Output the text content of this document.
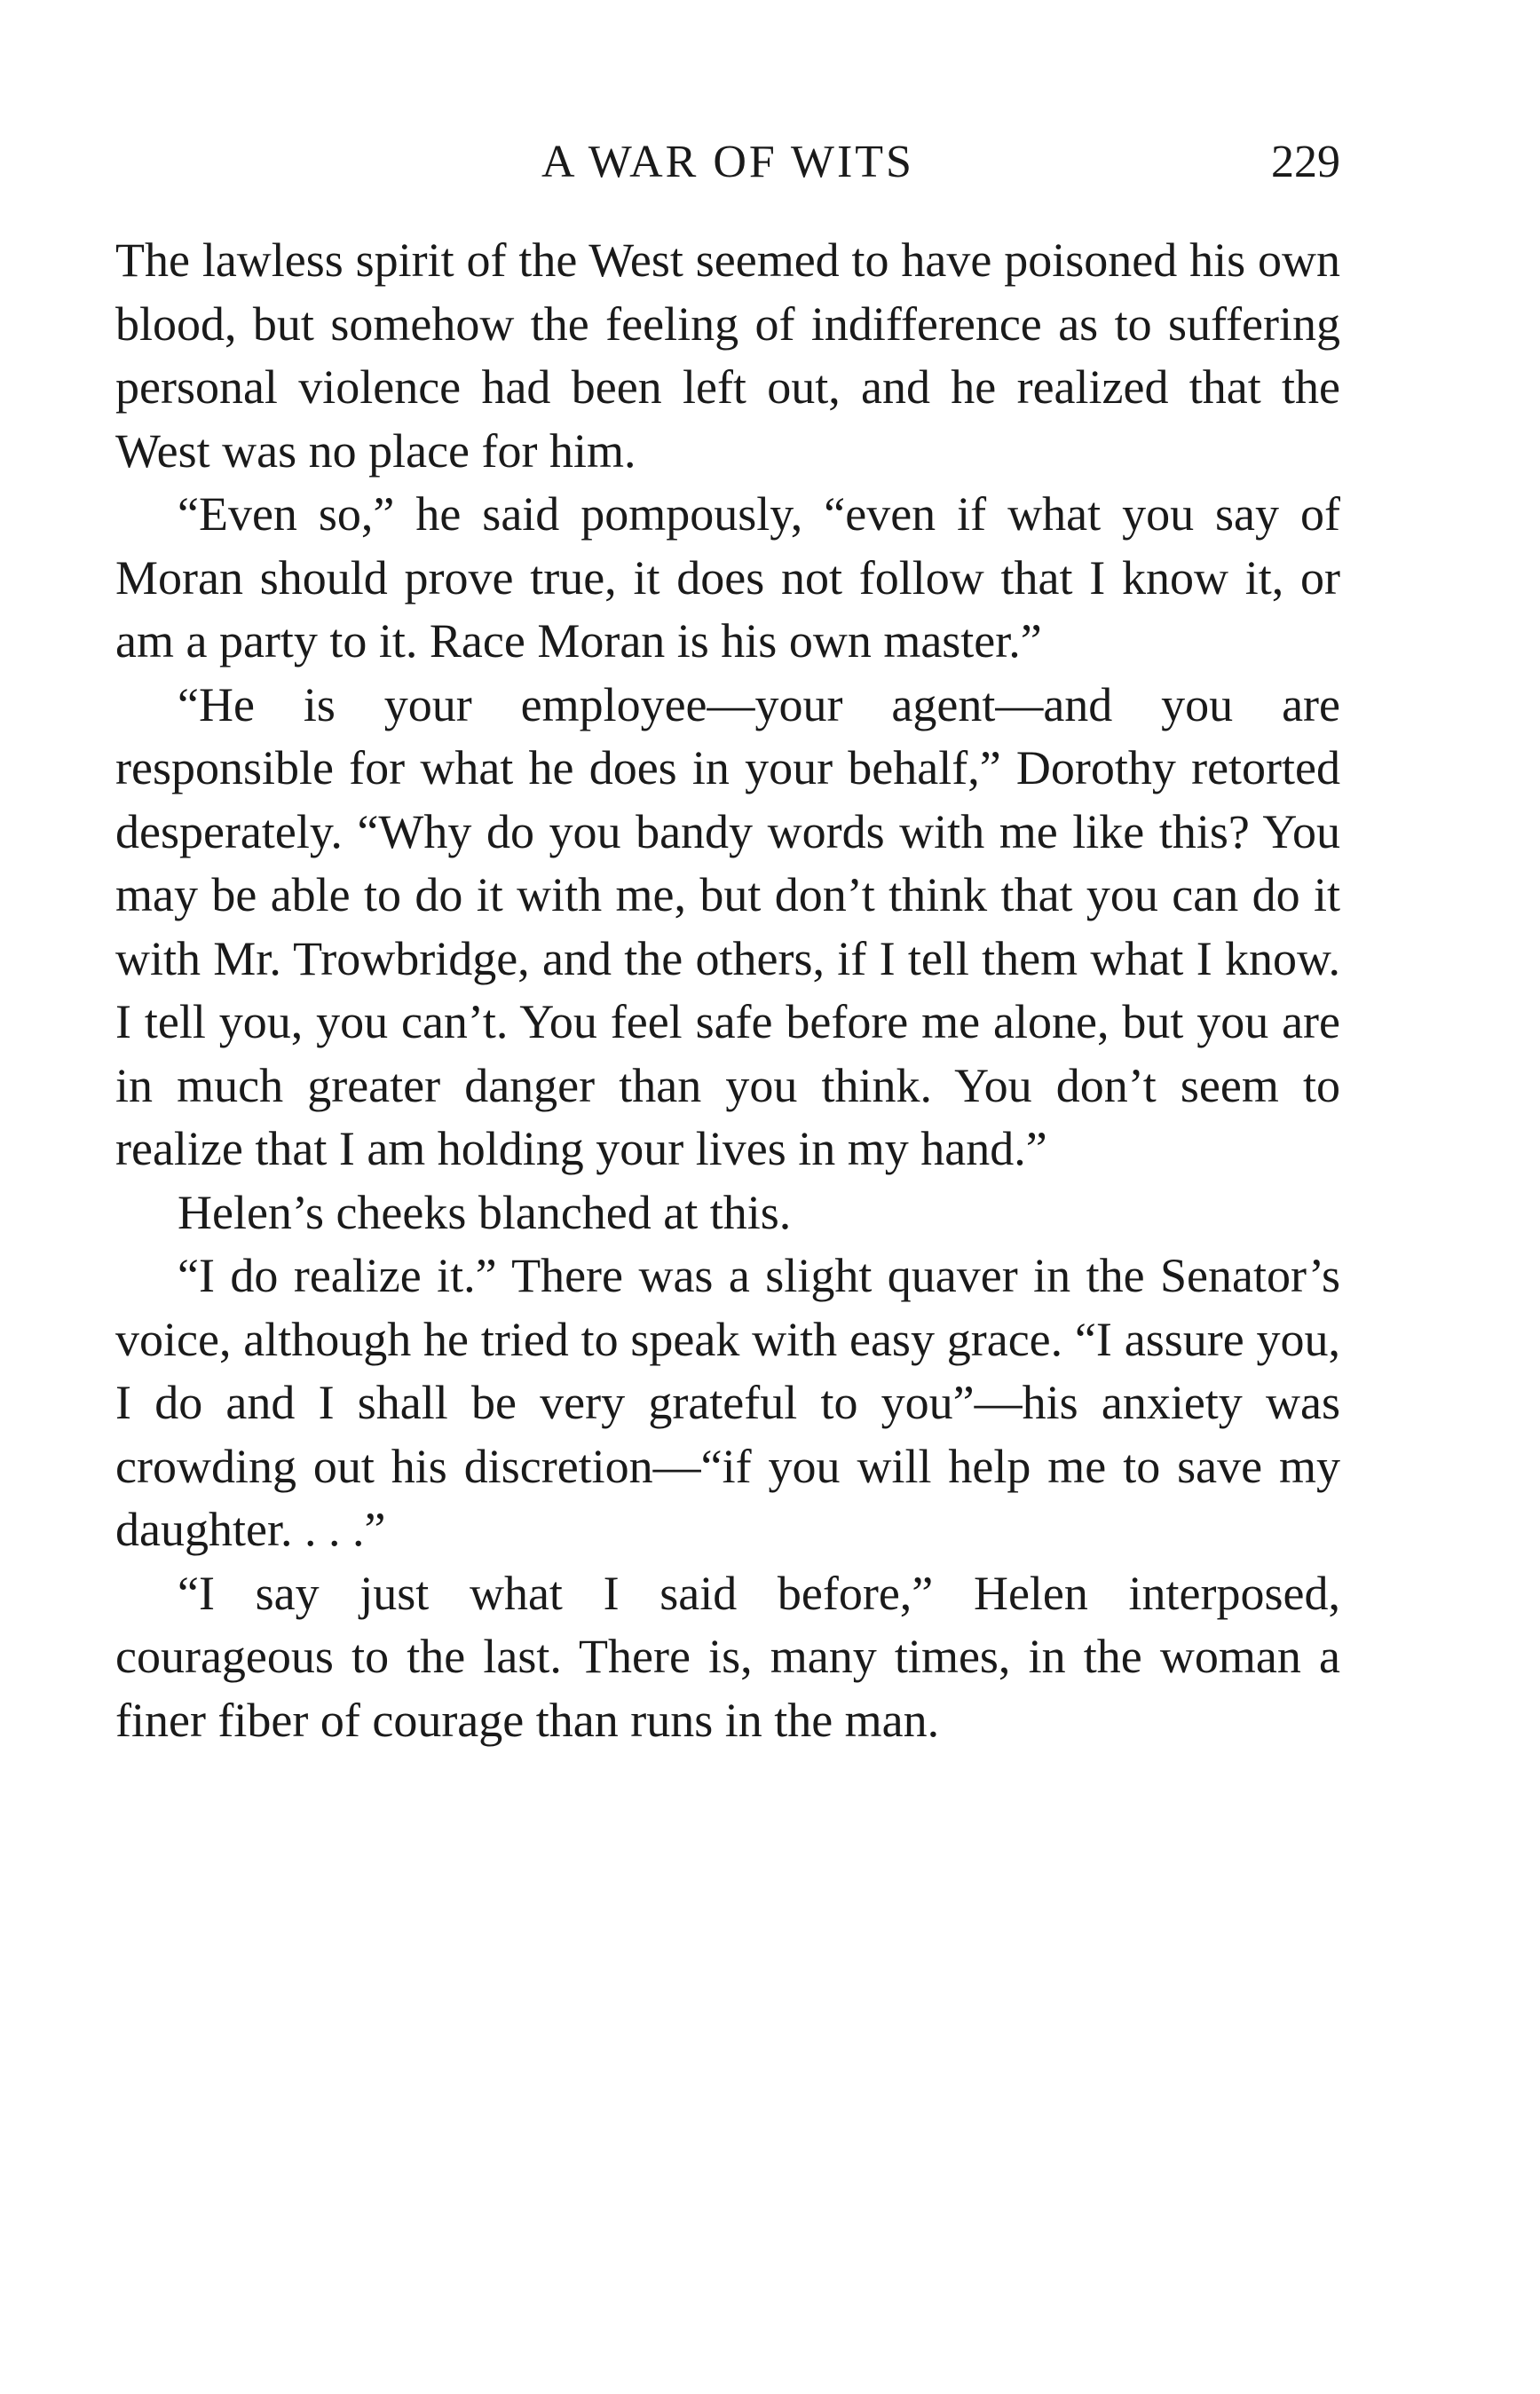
A WAR OF WITS	229

The lawless spirit of the West seemed to have poisoned his own blood, but somehow the feeling of indifference as to suffering personal violence had been left out, and he realized that the West was no place for him.

“Even so,” he said pompously, “even if what you say of Moran should prove true, it does not follow that I know it, or am a party to it. Race Moran is his own master.”

“He is your employee—your agent—and you are responsible for what he does in your behalf,” Dorothy retorted desperately. “Why do you bandy words with me like this? You may be able to do it with me, but don’t think that you can do it with Mr. Trowbridge, and the others, if I tell them what I know. I tell you, you can’t. You feel safe before me alone, but you are in much greater danger than you think. You don’t seem to realize that I am holding your lives in my hand.”

Helen’s cheeks blanched at this.

“I do realize it.” There was a slight quaver in the Senator’s voice, although he tried to speak with easy grace. “I assure you, I do and I shall be very grateful to you”—his anxiety was crowding out his discretion—“if you will help me to save my daughter. . . .”

“I say just what I said before,” Helen interposed, courageous to the last. There is, many times, in the woman a finer fiber of courage than runs in the man.
